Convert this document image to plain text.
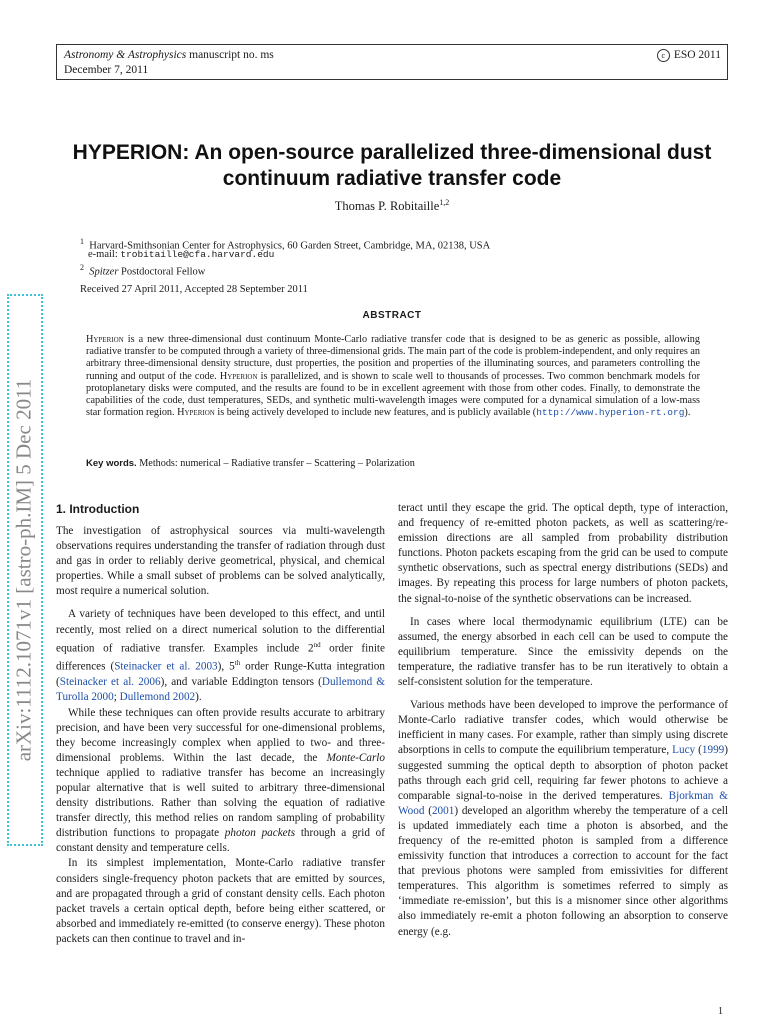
Astronomy & Astrophysics manuscript no. ms
December 7, 2011
c ESO 2011
HYPERION: An open-source parallelized three-dimensional dust
continuum radiative transfer code
Thomas P. Robitaille$^{1,2}$
$^1$ Harvard-Smithsonian Center for Astrophysics, 60 Garden Street, Cambridge, MA, 02138, USA
e-mail: trobitaille@cfa.harvard.edu
$^2$ Spitzer Postdoctoral Fellow
Received 27 April 2011, Accepted 28 September 2011
ABSTRACT
Hyperion is a new three-dimensional dust continuum Monte-Carlo radiative transfer code that is designed to be as generic as possible, allowing radiative transfer to be computed through a variety of three-dimensional grids. The main part of the code is problem-independent, and only requires an arbitrary three-dimensional density structure, dust properties, the position and properties of the illuminating sources, and parameters controlling the running and output of the code. Hyperion is parallelized, and is shown to scale well to thousands of processes. Two common benchmark models for protoplanetary disks were computed, and the results are found to be in excellent agreement with those from other codes. Finally, to demonstrate the capabilities of the code, dust temperatures, SEDs, and synthetic multi-wavelength images were computed for a dynamical simulation of a low-mass star formation region. Hyperion is being actively developed to include new features, and is publicly available (http://www.hyperion-rt.org).
Key words. Methods: numerical – Radiative transfer – Scattering – Polarization
1. Introduction

The investigation of astrophysical sources via multi-wavelength observations requires understanding the transfer of radiation through dust and gas in order to reliably derive geometrical, physical, and chemical properties. While a small subset of problems can be solved analytically, most require a numerical solution.

A variety of techniques have been developed to this effect, and until recently, most relied on a direct numerical solution to the differential equation of radiative transfer. Examples include 2nd order finite differences (Steinacker et al. 2003), 5th order Runge-Kutta integration (Steinacker et al. 2006), and variable Eddington tensors (Dullemond & Turolla 2000; Dullemond 2002).

While these techniques can often provide results accurate to arbitrary precision, and have been very successful for one-dimensional problems, they become increasingly complex when applied to two- and three-dimensional problems. Within the last decade, the Monte-Carlo technique applied to radiative transfer has become an increasingly popular alternative that is well suited to arbitrary three-dimensional density distributions. Rather than solving the equation of radiative transfer directly, this method relies on random sampling of probability distribution functions to propagate photon packets through a grid of constant density and temperature cells.

In its simplest implementation, Monte-Carlo radiative transfer considers single-frequency photon packets that are emitted by sources, and are propagated through a grid of constant density cells. Each photon packet travels a certain optical depth, before being either scattered, or absorbed and immediately re-emitted (to conserve energy). These photon packets can then continue to travel and in-

teract until they escape the grid. The optical depth, type of interaction, and frequency of re-emitted photon packets, as well as scattering/re-emission directions are all sampled from probability distribution functions. Photon packets escaping from the grid can be used to compute synthetic observations, such as spectral energy distributions (SEDs) and images. By repeating this process for large numbers of photon packets, the signal-to-noise of the synthetic observations can be increased.

In cases where local thermodynamic equilibrium (LTE) can be assumed, the energy absorbed in each cell can be used to compute the equilibrium temperature. Since the emissivity depends on the temperature, the radiative transfer has to be run iteratively to obtain a self-consistent solution for the temperature.

Various methods have been developed to improve the performance of Monte-Carlo radiative transfer codes, which would otherwise be inefficient in many cases. For example, rather than simply using discrete absorptions in cells to compute the equilibrium temperature, Lucy (1999) suggested summing the optical depth to absorption of photon packet paths through each grid cell, requiring far fewer photons to achieve a comparable signal-to-noise in the derived temperatures. Bjorkman & Wood (2001) developed an algorithm whereby the temperature of a cell is updated immediately each time a photon is absorbed, and the frequency of the re-emitted photon is sampled from a difference emissivity function that introduces a correction to account for the fact that previous photons were sampled from emissivities for different temperatures. This algorithm is sometimes referred to simply as ‘immediate re-emission’, but this is a misnomer since other algorithms also immediately re-emit a photon following an absorption to conserve energy (e.g.

arXiv:1112.1071v1 [astro-ph.IM] 5 Dec 2011
1
